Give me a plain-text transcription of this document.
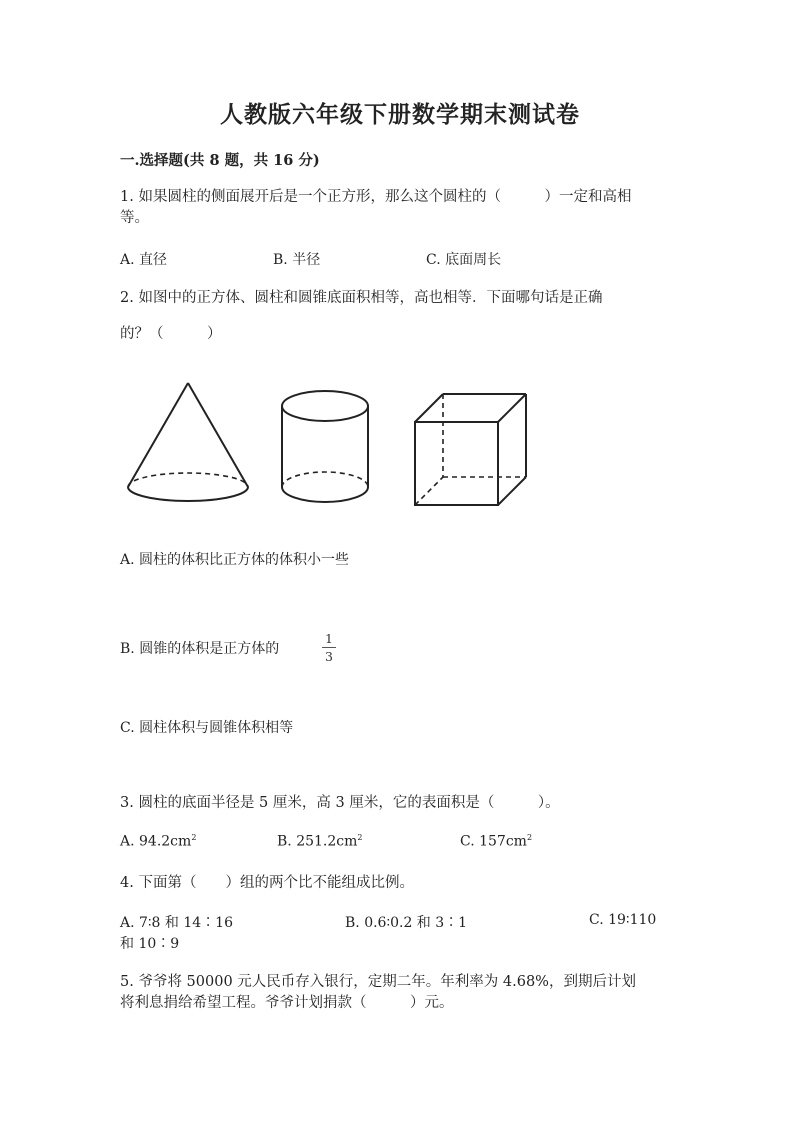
人教版六年级下册数学期末测试卷
一.选择题(共 8 题，共 16 分)
1. 如果圆柱的侧面展开后是一个正方形，那么这个圆柱的（　　　）一定和高相
等。
A. 直径	B. 半径	C. 底面周长
2. 如图中的正方体、圆柱和圆锥底面积相等，高也相等．下面哪句话是正确
的？（　　　）
A. 圆柱的体积比正方体的体积小一些
B. 圆锥的体积是正方体的
1
3
C. 圆柱体积与圆锥体积相等
3. 圆柱的底面半径是 5 厘米，高 3 厘米，它的表面积是（　　　）。
A. $94.2cm^2$	B. $251.2cm^2$	C. $157cm^2$
4. 下面第（　　）组的两个比不能组成比例。
A. 7∶8 和 14∶16	B. 0.6∶0.2 和 3∶1	C. 19∶110
和 10∶9
5. 爷爷将 50000 元人民币存入银行，定期二年。年利率为 4.68%，到期后计划
将利息捐给希望工程。爷爷计划捐款（　　　）元。
